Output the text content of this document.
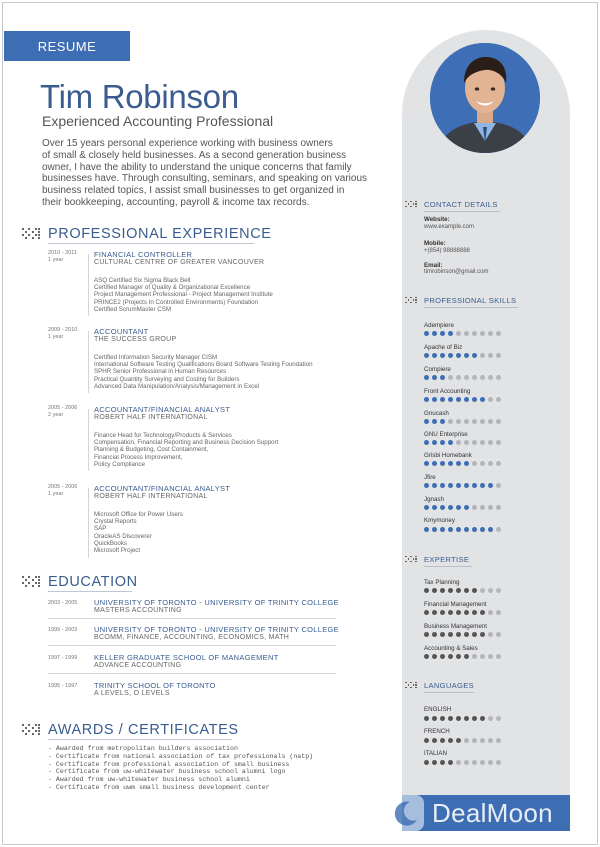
RESUME
Tim Robinson
Experienced Accounting Professional
Over 15 years personal experience working with business owners
of small & closely held businesses. As a second generation business
owner, I have the ability to understand the unique concerns that family
businesses have. Through consulting, seminars, and speaking on various
business related topics, I assist small businesses to get organized in
their bookkeeping, accounting, payroll & income tax records.
PROFESSIONAL EXPERIENCE
2010 - 2011
1 year
FINANCIAL CONTROLLER
CULTURAL CENTRE OF GREATER VANCOUVER
ASQ Certified Six Sigma Black Belt
Certified Manager of Quality & Organizational Excellence
Project Management Professional - Project Management Institute
PRINCE2 (Projects In Controlled Environments) Foundation
Certified ScrumMaster CSM
2009 - 2010
1 year
ACCOUNTANT
THE SUCCESS GROUP
Certified Information Security Manager CISM
International Software Testing Qualifications Board Software Testing Foundation
SPHR Senior Professional in Human Resources
Practical Quantity Surveying and Costing for Builders
Advanced Data Manipulation/Analysis/Management in Excel
2005 - 2006
2 year
ACCOUNTANT/FINANCIAL ANALYST
ROBERT HALF INTERNATIONAL
Finance Head for Technology/Products & Services
Compensation, Financial Reporting and Business Decision Support
Planning & Budgeting, Cost Containment,
Financial Process Improvement,
Policy Compliance
2005 - 2006
1 year
ACCOUNTANT/FINANCIAL ANALYST
ROBERT HALF INTERNATIONAL
Microsoft Office for Power Users
Crystal Reports
SAP
OracleAS Discoverer
QuickBooks
Microsoft Project
EDUCATION
2003 - 2005 UNIVERSITY OF TORONTO - UNIVERSITY OF TRINITY COLLEGE
MASTERS ACCOUNTING
1999 - 2003 UNIVERSITY OF TORONTO - UNIVERSITY OF TRINITY COLLEGE
BCOMM, FINANCE, ACCOUNTING, ECONOMICS, MATH
1997 - 1999 KELLER GRADUATE SCHOOL OF MANAGEMENT
ADVANCE ACCOUNTING
1995 - 1997 TRINITY SCHOOL OF TORONTO
A LEVELS, O LEVELS
AWARDS / CERTIFICATES
- Awarded from metropolitan builders association
- Certificate from national association of tax professionals (natp)
- Certificate from professional association of small business
- Certificate from uw-whitewater business school alumni logo
- Awarded from uw-whitewater business school alumni
- Certificate from uwm small business development center
CONTACT DETAILS
Website:
www.example.com
Mobile:
+(854) 98888888
Email:
timrobinson@gmail.com
PROFESSIONAL SKILLS
Adempiere
Apache of Biz
Compiere
Front Accounting
Gnucash
GNU Enterprise
Grisbi Homebank
Jfire
Jgnash
Kmymoney
EXPERTISE
Tax Planning
Financial Management
Business Management
Accounting & Sales
LANGUAGES
ENGLISH
FRENCH
ITALIAN
DealMoon
